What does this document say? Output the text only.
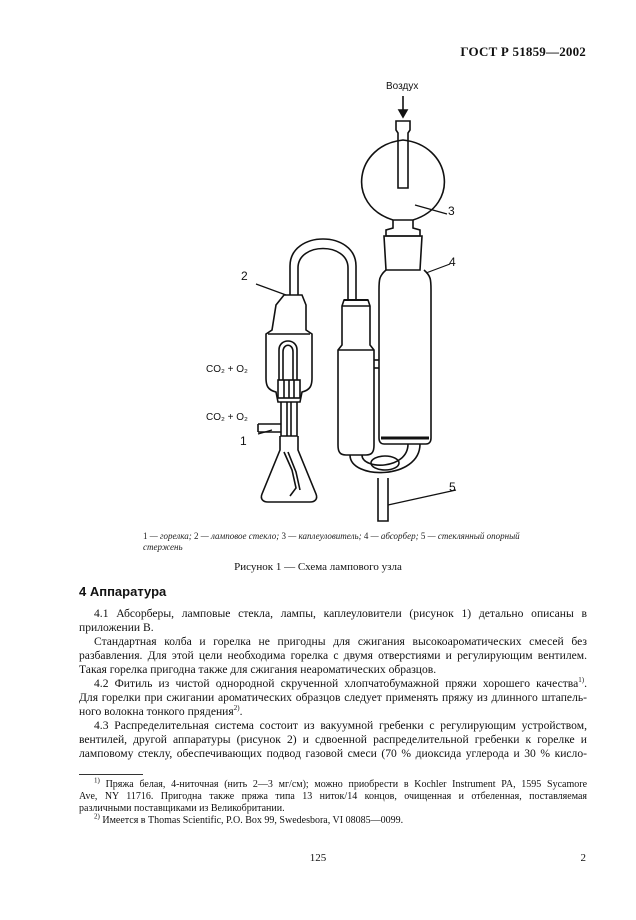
ГОСТ Р 51859—2002
Воздух
CO₂ + O₂
CO₂ + O₂
3
4
2
1
5
1 — горелка; 2 — ламповое стекло; 3 — каплеуловитель; 4 — абсорбер; 5 — стеклянный опорный стержень
Рисунок 1 — Схема лампового узла
4 Аппаратура
4.1 Абсорберы, ламповые стекла, лампы, каплеуловители (рисунок 1) детально описаны в
приложении В.
Стандартная колба и горелка не пригодны для сжигания высокоароматических смесей без
разбавления. Для этой цели необходима горелка с двумя отверстиями и регулирующим вентилем.
Такая горелка пригодна также для сжигания неароматических образцов.
4.2 Фитиль из чистой однородной скрученной хлопчатобумажной пряжи хорошего качества$^{1)}$.
Для горелки при сжигании ароматических образцов следует применять пряжу из длинного штапель-
ного волокна тонкого прядения$^{2)}$.
4.3 Распределительная система состоит из вакуумной гребенки с регулирующим устройством,
вентилей, другой аппаратуры (рисунок 2) и сдвоенной распределительной гребенки к горелке и
ламповому стеклу, обеспечивающих подвод газовой смеси (70 % диоксида углерода и 30 % кисло-
$^{1)}$ Пряжа белая, 4-ниточная (нить 2—3 мг/см); можно приобрести в Kochler Instrument PA, 1595 Sycamore
Ave, NY 11716. Пригодна также пряжа типа 13 ниток/14 концов, очищенная и отбеленная, поставляемая
различными поставщиками из Великобритании.
$^{2)}$ Имеется в Thomas Scientific, P.O. Box 99, Swedesbora, VI 08085—0099.
125	2
